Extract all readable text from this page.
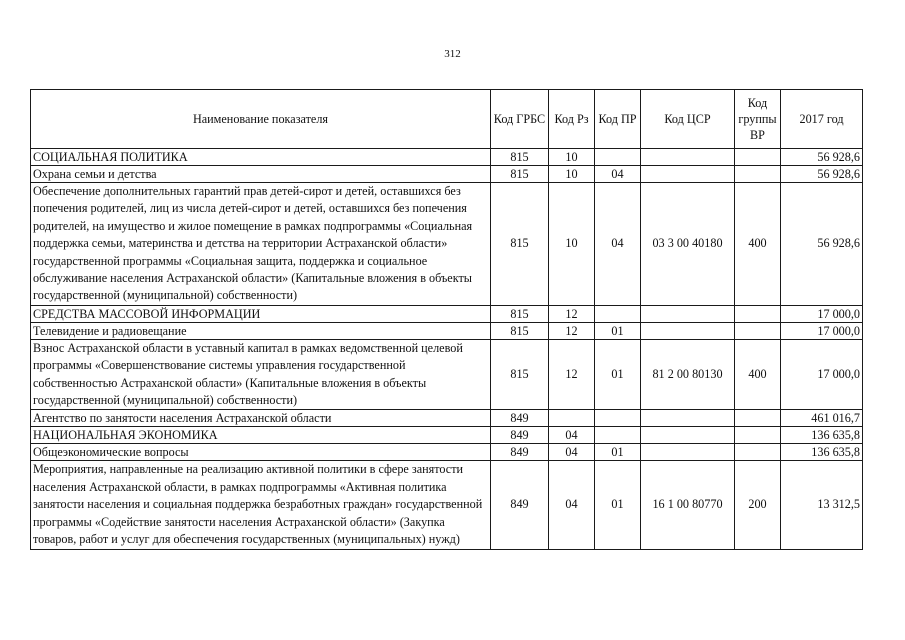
312
Наименование показателя	Код ГРБС	Код Рз	Код ПР	Код ЦСР	Код группы ВР	2017 год
СОЦИАЛЬНАЯ ПОЛИТИКА	815	10				56 928,6
Охрана семьи и детства	815	10	04			56 928,6
Обеспечение дополнительных гарантий прав детей-сирот и детей, оставшихся без попечения родителей, лиц из числа детей-сирот и детей, оставшихся без попечения родителей, на имущество и жилое помещение в рамках подпрограммы «Социальная поддержка семьи, материнства и детства на территории Астраханской области» государственной программы «Социальная защита, поддержка и социальное обслуживание населения Астраханской области» (Капитальные вложения в объекты государственной (муниципальной) собственности)	815	10	04	03 3 00 40180	400	56 928,6
СРЕДСТВА МАССОВОЙ ИНФОРМАЦИИ	815	12				17 000,0
Телевидение и радиовещание	815	12	01			17 000,0
Взнос Астраханской области в уставный капитал в рамках ведомственной целевой программы «Совершенствование системы управления государственной собственностью Астраханской области» (Капитальные вложения в объекты государственной (муниципальной) собственности)	815	12	01	81 2 00 80130	400	17 000,0
Агентство по занятости населения Астраханской области	849					461 016,7
НАЦИОНАЛЬНАЯ ЭКОНОМИКА	849	04				136 635,8
Общеэкономические вопросы	849	04	01			136 635,8
Мероприятия, направленные на реализацию активной политики в сфере занятости населения Астраханской области, в рамках подпрограммы «Активная политика занятости населения и социальная поддержка безработных граждан» государственной программы «Содействие занятости населения Астраханской области» (Закупка товаров, работ и услуг для обеспечения государственных (муниципальных) нужд)	849	04	01	16 1 00 80770	200	13 312,5
